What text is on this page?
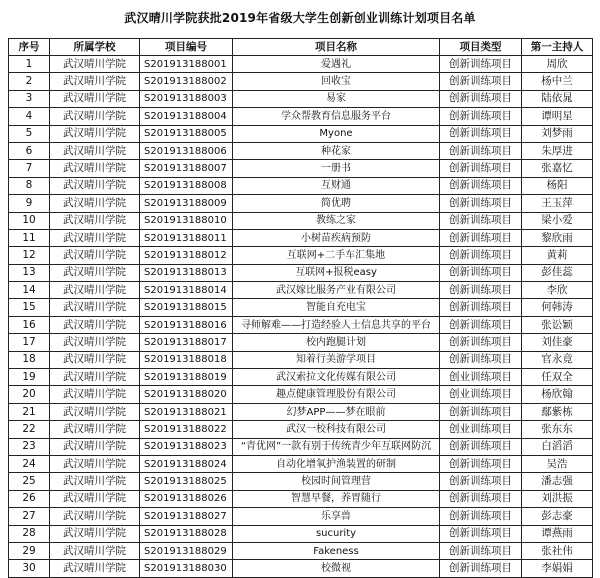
武汉晴川学院获批2019年省级大学生创新创业训练计划项目名单
序号	所属学校	项目编号	项目名称	项目类型	第一主持人
1	武汉晴川学院	S201913188001	爱遇礼	创新训练项目	周欣
2	武汉晴川学院	S201913188002	回收宝	创新训练项目	杨中兰
3	武汉晴川学院	S201913188003	易家	创新训练项目	陆依晁
4	武汉晴川学院	S201913188004	学众帮教育信息服务平台	创新训练项目	谭明星
5	武汉晴川学院	S201913188005	Myone	创新训练项目	刘梦雨
6	武汉晴川学院	S201913188006	种花家	创新训练项目	朱厚进
7	武汉晴川学院	S201913188007	一册书	创新训练项目	张嘉忆
8	武汉晴川学院	S201913188008	互财通	创新训练项目	杨阳
9	武汉晴川学院	S201913188009	简优聘	创新训练项目	王玉萍
10	武汉晴川学院	S201913188010	教练之家	创新训练项目	梁小爱
11	武汉晴川学院	S201913188011	小树苗疾病预防	创新训练项目	黎欣雨
12	武汉晴川学院	S201913188012	互联网+二手车汇集地	创新训练项目	黄莉
13	武汉晴川学院	S201913188013	互联网+报税easy	创新训练项目	彭佳蕊
14	武汉晴川学院	S201913188014	武汉嫁比服务产业有限公司	创新训练项目	李欣
15	武汉晴川学院	S201913188015	智能自充电宝	创新训练项目	何韩涛
16	武汉晴川学院	S201913188016	寻师解难——打造经验人士信息共享的平台	创新训练项目	张讼颖
17	武汉晴川学院	S201913188017	校内跑腿计划	创新训练项目	刘佳豪
18	武汉晴川学院	S201913188018	知着行美游学项目	创新训练项目	官永竟
19	武汉晴川学院	S201913188019	武汉索拉文化传媒有限公司	创业训练项目	任双全
20	武汉晴川学院	S201913188020	趣点健康管理股份有限公司	创业训练项目	杨欣翰
21	武汉晴川学院	S201913188021	幻梦APP——梦在眼前	创新训练项目	鄢紫栋
22	武汉晴川学院	S201913188022	武汉一校科技有限公司	创业训练项目	张东东
23	武汉晴川学院	S201913188023	“青优网”一款有别于传统青少年互联网防沉	创新训练项目	白滔滔
24	武汉晴川学院	S201913188024	自动化增氧护渔装置的研制	创新训练项目	吴浩
25	武汉晴川学院	S201913188025	校园时间管理营	创新训练项目	潘志强
26	武汉晴川学院	S201913188026	智慧早餐，养胃随行	创新训练项目	刘洪振
27	武汉晴川学院	S201913188027	乐享兽	创新训练项目	彭志豪
28	武汉晴川学院	S201913188028	sucurity	创新训练项目	谭燕雨
29	武汉晴川学院	S201913188029	Fakeness	创新训练项目	张社伟
30	武汉晴川学院	S201913188030	校微视	创新训练项目	李娟娟
